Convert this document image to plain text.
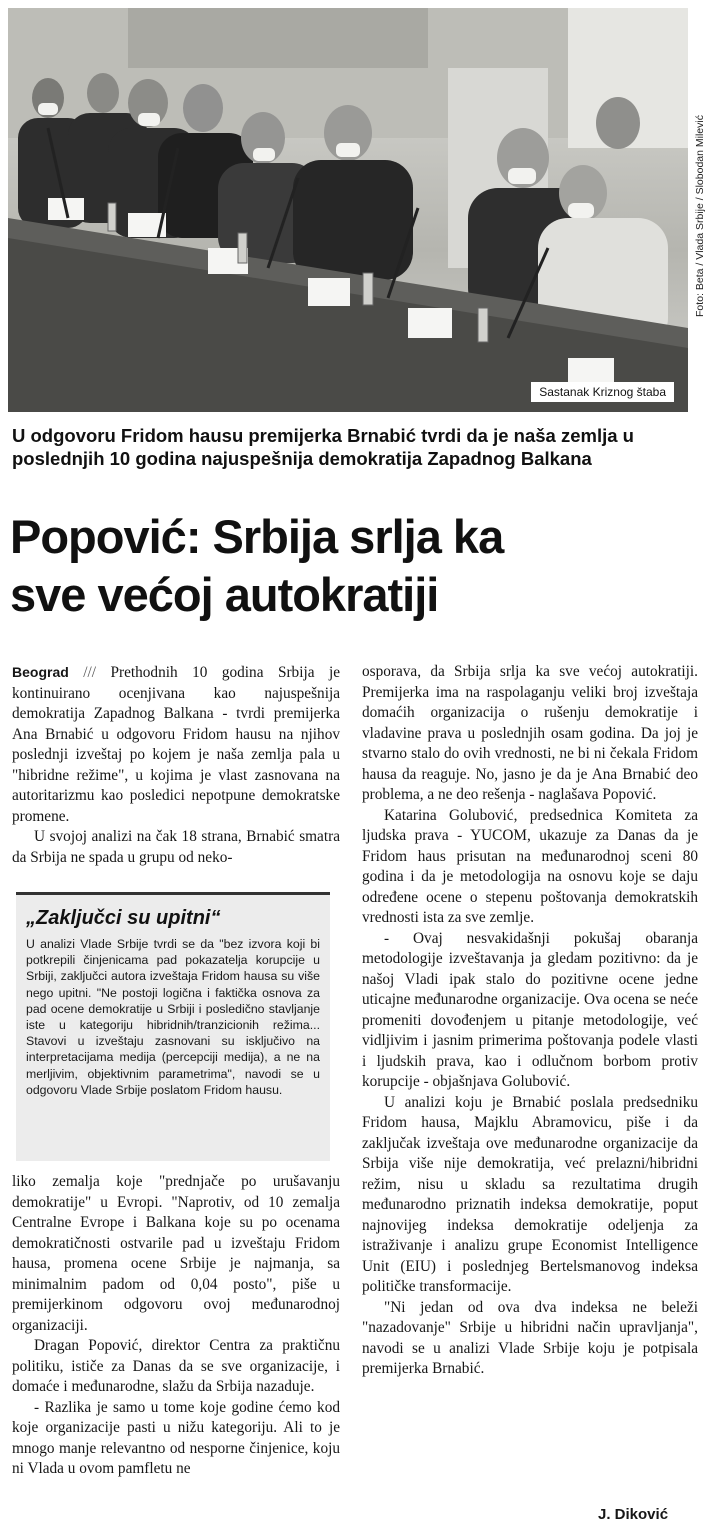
Sastanak Kriznog štaba
Foto: Beta / Vlada Srbije / Slobodan Milević
U odgovoru Fridom hausu premijerka Brnabić tvrdi da je naša zemlja u poslednjih 10 godina najuspešnija demokratija Zapadnog Balkana
Popović: Srbija srlja ka
sve većoj autokratiji

Beograd /// Prethodnih 10 godina Srbija je kontinuirano ocenjivana kao najuspešnija demokratija Zapadnog Balkana - tvrdi premijerka Ana Brnabić u odgovoru Fridom hausu na njihov poslednji izveštaj po kojem je naša zemlja pala u "hibridne režime", u kojima je vlast zasnovana na autoritarizmu kao posledici nepotpune demokratske promene.

U svojoj analizi na čak 18 strana, Brnabić smatra da Srbija ne spada u grupu od neko-

„Zaključci su upitni“
U analizi Vlade Srbije tvrdi se da "bez izvora koji bi potkrepili činjenicama pad pokazatelja korupcije u Srbiji, zaključci autora izveštaja Fridom hausa su više nego upitni. "Ne postoji logična i faktička osnova za pad ocene demokratije u Srbiji i posledično stavljanje iste u kategoriju hibridnih/tranzicionih režima... Stavovi u izveštaju zasnovani su isključivo na interpretacijama medija (percepciji medija), a ne na merljivim, objektivnim parametrima", navodi se u odgovoru Vlade Srbije poslatom Fridom hausu.

liko zemalja koje "prednjače po urušavanju demokratije" u Evropi. "Naprotiv, od 10 zemalja Centralne Evrope i Balkana koje su po ocenama demokratičnosti ostvarile pad u izveštaju Fridom hausa, promena ocene Srbije je najmanja, sa minimalnim padom od 0,04 posto", piše u premijerkinom odgovoru ovoj međunarodnoj organizaciji.

Dragan Popović, direktor Centra za praktičnu politiku, ističe za Danas da se sve organizacije, i domaće i međunarodne, slažu da Srbija nazaduje.

- Razlika je samo u tome koje godine ćemo kod koje organizacije pasti u nižu kategoriju. Ali to je mnogo manje relevantno od nesporne činjenice, koju ni Vlada u ovom pamfletu ne

osporava, da Srbija srlja ka sve većoj autokratiji. Premijerka ima na raspolaganju veliki broj izveštaja domaćih organizacija o rušenju demokratije i vladavine prava u poslednjih osam godina. Da joj je stvarno stalo do ovih vrednosti, ne bi ni čekala Fridom hausa da reaguje. No, jasno je da je Ana Brnabić deo problema, a ne deo rešenja - naglašava Popović.

Katarina Golubović, predsednica Komiteta za ljudska prava - YUCOM, ukazuje za Danas da je Fridom haus prisutan na međunarodnoj sceni 80 godina i da je metodologija na osnovu koje se daju određene ocene o stepenu poštovanja demokratskih vrednosti ista za sve zemlje.

- Ovaj nesvakidašnji pokušaj obaranja metodologije izveštavanja ja gledam pozitivno: da je našoj Vladi ipak stalo do pozitivne ocene jedne uticajne međunarodne organizacije. Ova ocena se neće promeniti dovođenjem u pitanje metodologije, već vidljivim i jasnim primerima poštovanja podele vlasti i ljudskih prava, kao i odlučnom borbom protiv korupcije - objašnjava Golubović.

U analizi koju je Brnabić poslala predsedniku Fridom hausa, Majklu Abramovicu, piše i da zaključak izveštaja ove međunarodne organizacije da Srbija više nije demokratija, već prelazni/hibridni režim, nisu u skladu sa rezultatima drugih međunarodno priznatih indeksa demokratije, poput najnovijeg indeksa demokratije odeljenja za istraživanje i analizu grupe Economist Intelligence Unit (EIU) i poslednjeg Bertelsmanovog indeksa političke transformacije.

"Ni jedan od ova dva indeksa ne beleži "nazadovanje" Srbije u hibridni način upravljanja", navodi se u analizi Vlade Srbije koju je potpisala premijerka Brnabić.

J. Diković
